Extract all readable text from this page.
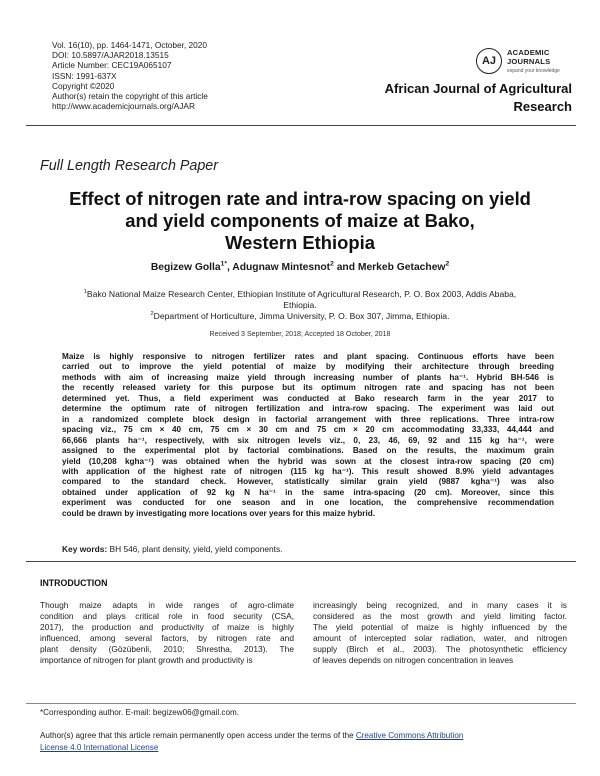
Vol. 16(10), pp. 1464-1471, October, 2020
DOI: 10.5897/AJAR2018.13515
Article Number: CEC19A065107
ISSN: 1991-637X
Copyright ©2020
Author(s) retain the copyright of this article
http://www.academicjournals.org/AJAR
AJ
ACADEMIC
JOURNALS
expand your knowledge
African Journal of Agricultural
Research
Full Length Research Paper
Effect of nitrogen rate and intra-row spacing on yield
and yield components of maize at Bako,
Western Ethiopia
Begizew Golla$^{1*}$, Adugnaw Mintesnot$^2$ and Merkeb Getachew$^2$
$^1$Bako National Maize Research Center, Ethiopian Institute of Agricultural Research, P. O. Box 2003, Addis Ababa,
Ethiopia.
$^2$Department of Horticulture, Jimma University, P. O. Box 307, Jimma, Ethiopia.
Received 3 September, 2018; Accepted 18 October, 2018
Maize is highly responsive to nitrogen fertilizer rates and plant spacing. Continuous efforts have been
carried out to improve the yield potential of maize by modifying their architecture through breeding
methods with aim of increasing maize yield through increasing number of plants ha⁻¹. Hybrid BH-546 is
the recently released variety for this purpose but its optimum nitrogen rate and spacing has not been
determined yet. Thus, a field experiment was conducted at Bako research farm in the year 2017 to
determine the optimum rate of nitrogen fertilization and intra-row spacing. The experiment was laid out
in a randomized complete block design in factorial arrangement with three replications. Three intra-row
spacing viz., 75 cm × 40 cm, 75 cm × 30 cm and 75 cm × 20 cm accommodating 33,333, 44,444 and
66,666 plants ha⁻¹, respectively, with six nitrogen levels viz., 0, 23, 46, 69, 92 and 115 kg ha⁻¹, were
assigned to the experimental plot by factorial combinations. Based on the results, the maximum grain
yield (10,208 kgha⁻¹) was obtained when the hybrid was sown at the closest intra-row spacing (20 cm)
with application of the highest rate of nitrogen (115 kg ha⁻¹). This result showed 8.9% yield advantages
compared to the standard check. However, statistically similar grain yield (9887 kgha⁻¹) was also
obtained under application of 92 kg N ha⁻¹ in the same intra-spacing (20 cm). Moreover, since this
experiment was conducted for one season and in one location, the comprehensive recommendation
could be drawn by investigating more locations over years for this maize hybrid.
Key words: BH 546, plant density, yield, yield components.
INTRODUCTION
Though maize adapts in wide ranges of agro-climate
condition and plays critical role in food security (CSA,
2017), the production and productivity of maize is highly
influenced, among several factors, by nitrogen rate and
plant density (Gözübenli, 2010; Shrestha, 2013). The
importance of nitrogen for plant growth and productivity is
increasingly being recognized, and in many cases it is
considered as the most growth and yield limiting factor.
The yield potential of maize is highly influenced by the
amount of intercepted solar radiation, water, and nitrogen
supply (Birch et al., 2003). The photosynthetic efficiency
of leaves depends on nitrogen concentration in leaves
*Corresponding author. E-mail: begizew06@gmail.com.
Author(s) agree that this article remain permanently open access under the terms of the Creative Commons Attribution
License 4.0 International License
